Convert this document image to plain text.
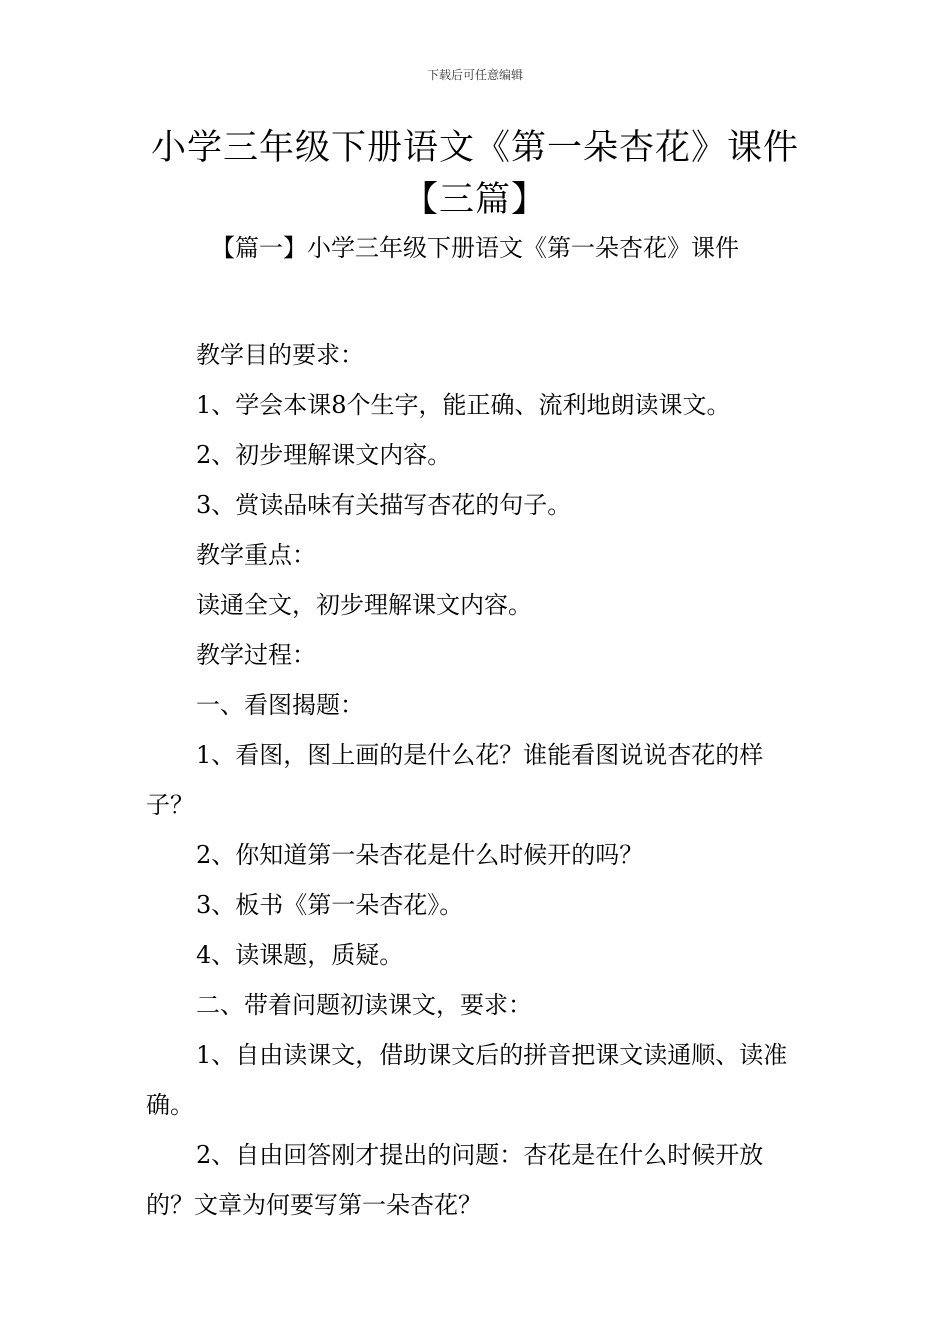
下载后可任意编辑
小学三年级下册语文《第一朵杏花》课件
【三篇】
【篇一】小学三年级下册语文《第一朵杏花》课件

教学目的要求：

1、学会本课8个生字，能正确、流利地朗读课文。

2、初步理解课文内容。

3、赏读品味有关描写杏花的句子。

教学重点：

读通全文，初步理解课文内容。

教学过程：

一、看图揭题：

1、看图，图上画的是什么花？谁能看图说说杏花的样子？

2、你知道第一朵杏花是什么时候开的吗？

3、板书《第一朵杏花》。

4、读课题，质疑。

二、带着问题初读课文，要求：

1、自由读课文，借助课文后的拼音把课文读通顺、读准确。

2、自由回答刚才提出的问题：杏花是在什么时候开放的？文章为何要写第一朵杏花？
